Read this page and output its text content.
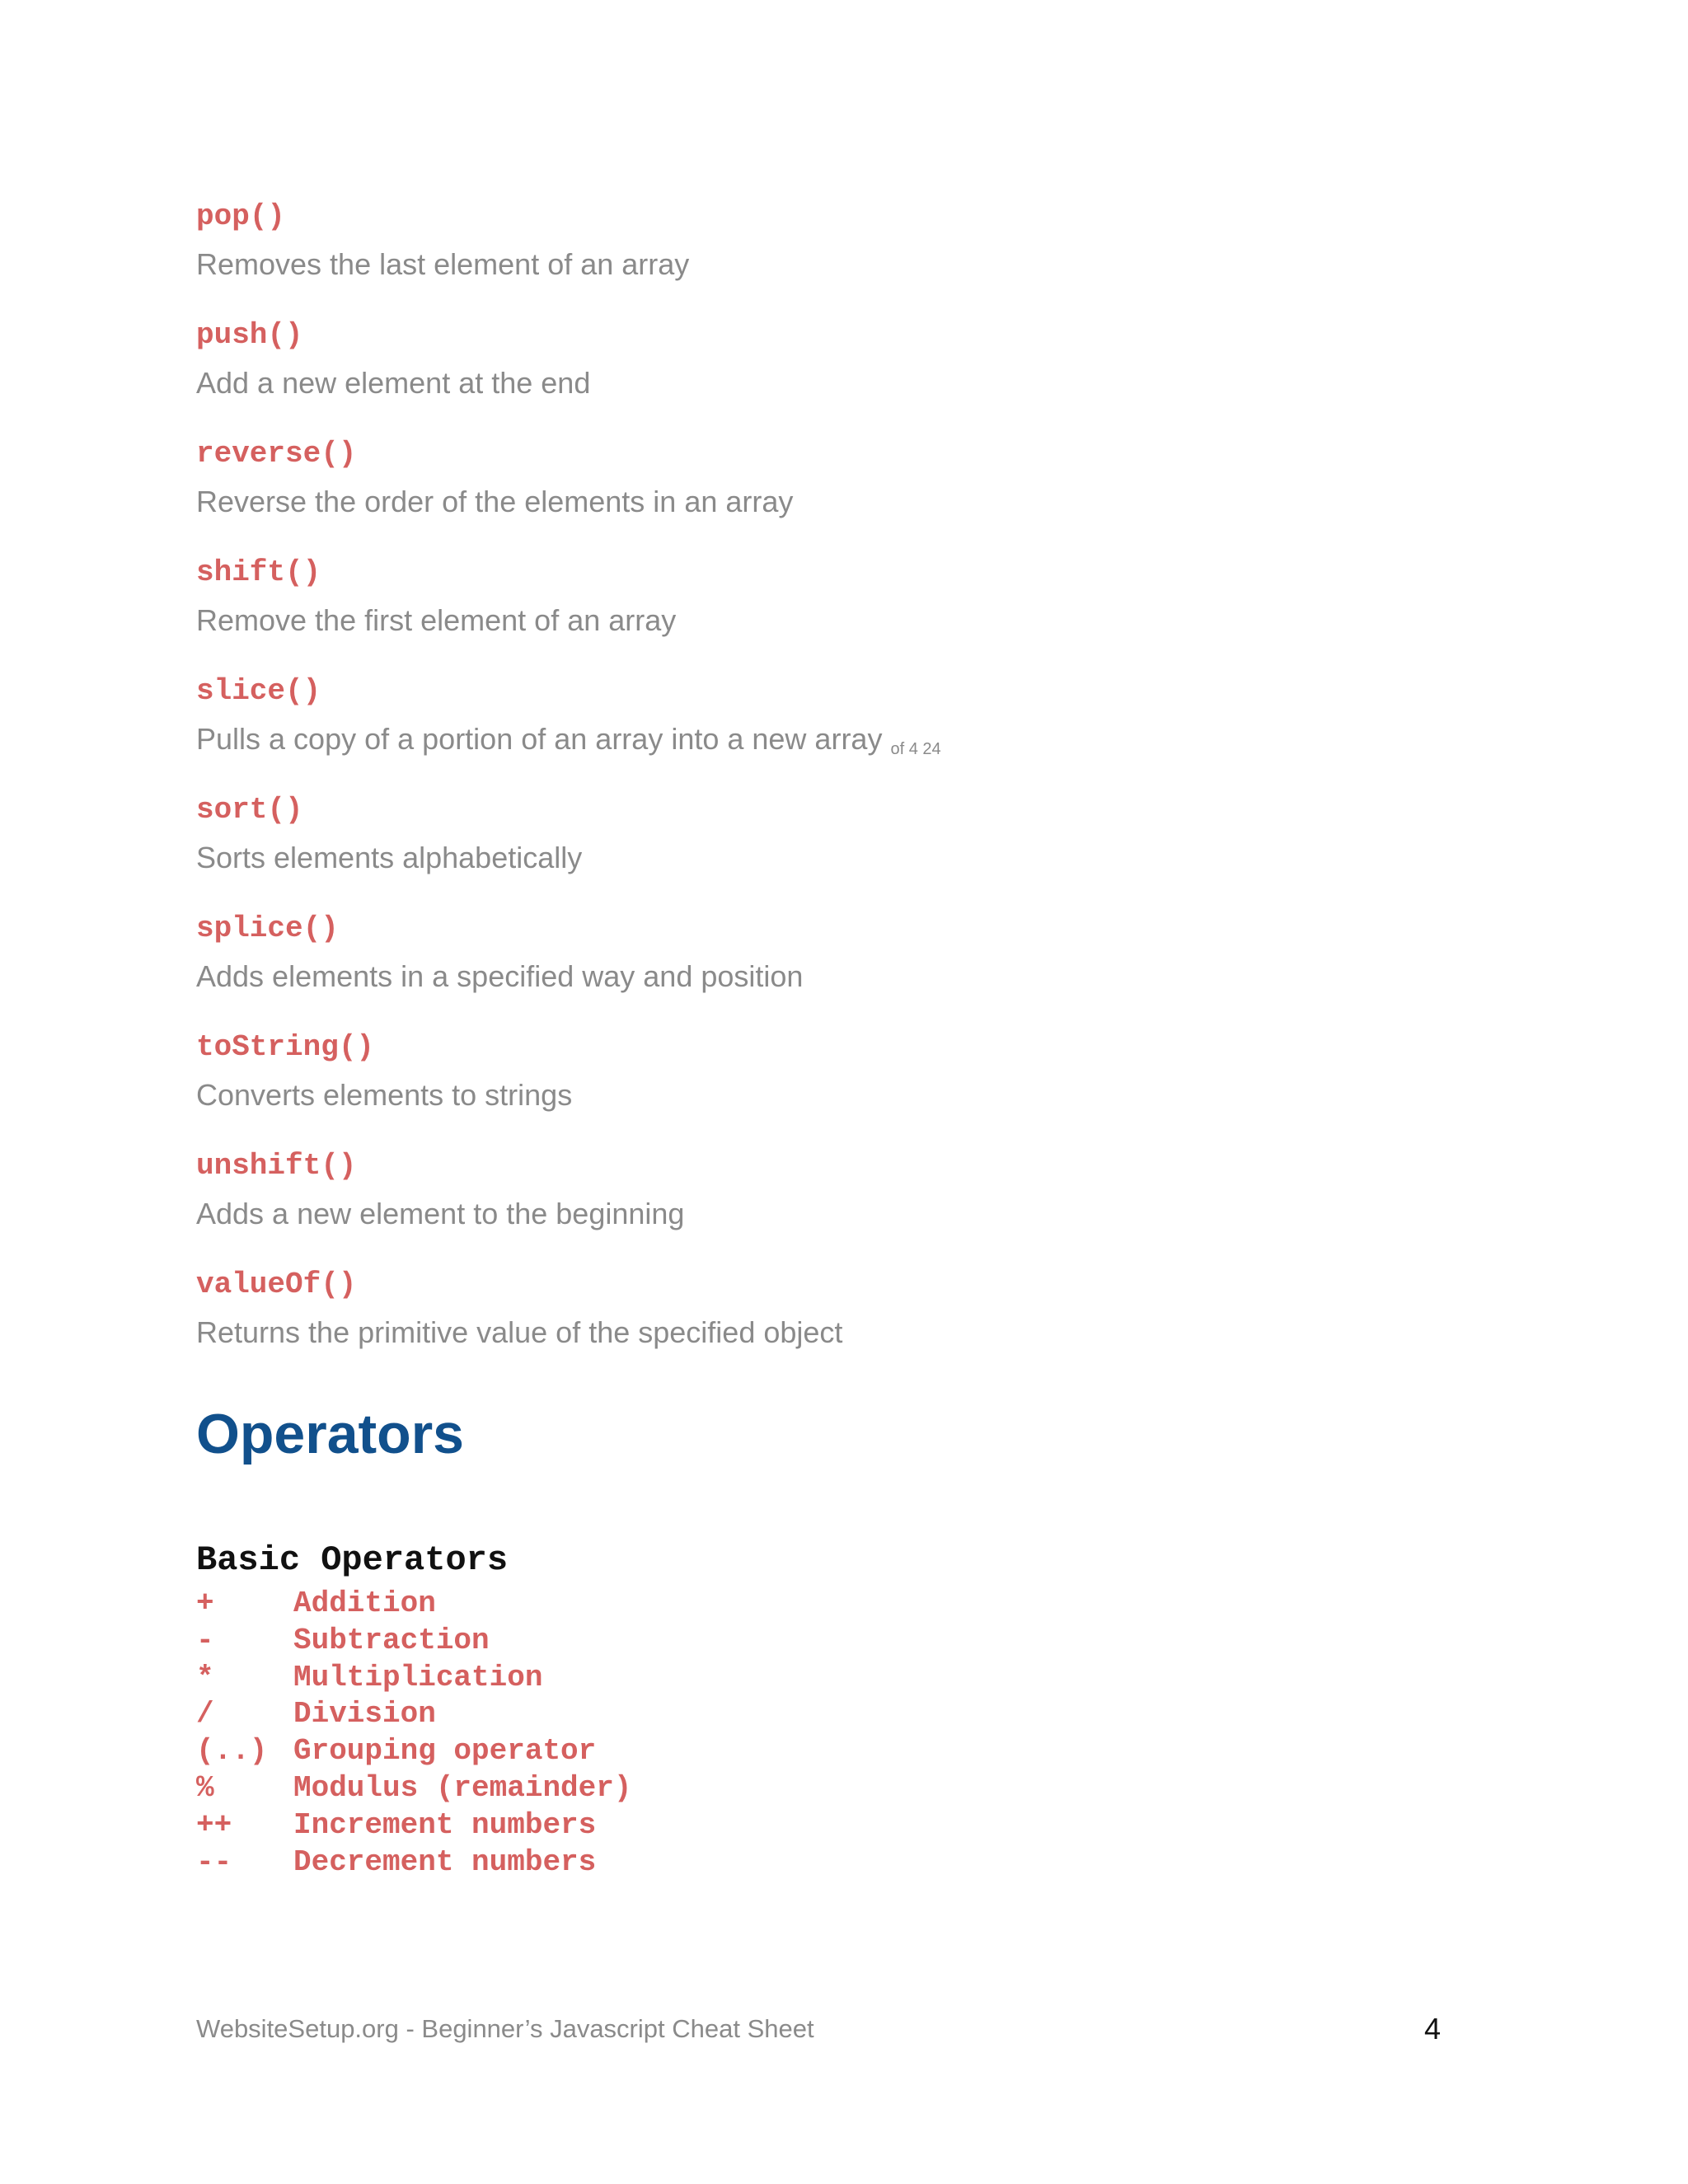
pop()
Removes the last element of an array
push()
Add a new element at the end
reverse()
Reverse the order of the elements in an array
shift()
Remove the first element of an array
slice()
Pulls a copy of a portion of an array into a new array of 4 24
sort()
Sorts elements alphabetically
splice()
Adds elements in a specified way and position
toString()
Converts elements to strings
unshift()
Adds a new element to the beginning
valueOf()
Returns the primitive value of the specified object
Operators
Basic Operators
+	Addition
-	Subtraction
*	Multiplication
/	Division
(..) Grouping operator
%	Modulus (remainder)
++	Increment numbers
--	Decrement numbers
WebsiteSetup.org - Beginner’s Javascript Cheat Sheet	4
